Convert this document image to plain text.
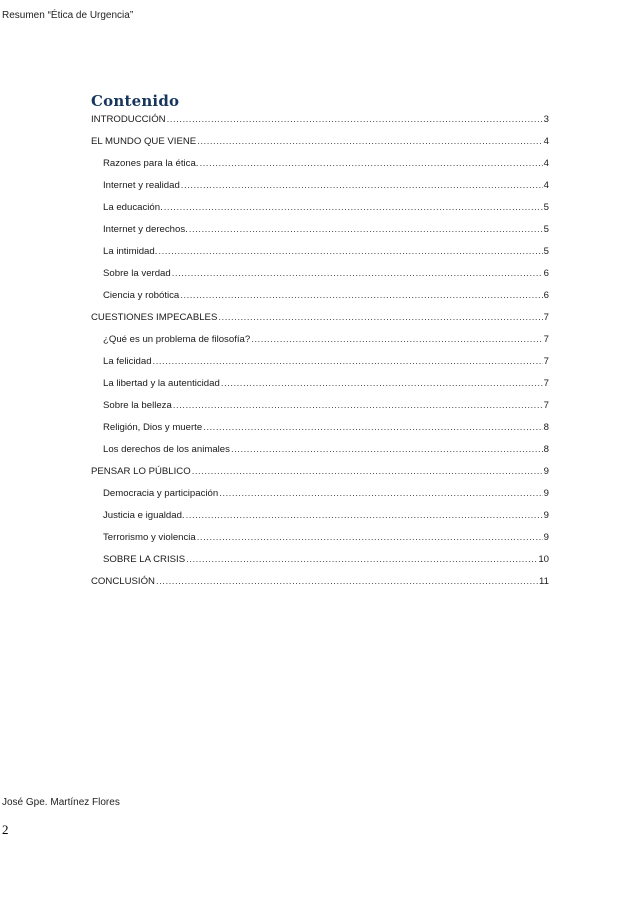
Resumen “Ética de Urgencia”
Contenido
INTRODUCCIÓN .....	3
EL MUNDO QUE VIENE .....	4
Razones para la ética. .....	4
Internet y realidad .....	4
La educación. .....	5
Internet y derechos. .....	5
La intimidad. .....	5
Sobre la verdad .....	6
Ciencia y robótica .....	6
CUESTIONES IMPECABLES .....	7
¿Qué es un problema de filosofía? .....	7
La felicidad .....	7
La libertad y la autenticidad .....	7
Sobre la belleza .....	7
Religión, Dios y muerte .....	8
Los derechos de los animales .....	8
PENSAR LO PÚBLICO .....	9
Democracia y participación .....	9
Justicia e igualdad. .....	9
Terrorismo y violencia .....	9
SOBRE LA CRISIS .....	10
CONCLUSIÓN .....	11
José Gpe. Martínez Flores
2
